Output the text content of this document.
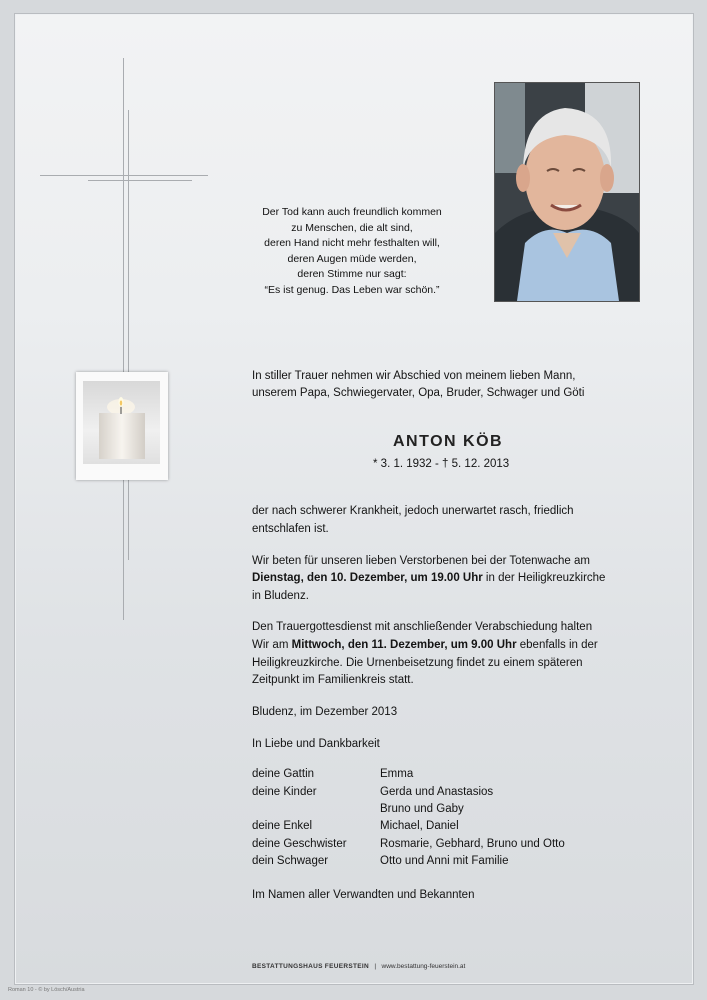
Der Tod kann auch freundlich kommen
zu Menschen, die alt sind,
deren Hand nicht mehr festhalten will,
deren Augen müde werden,
deren Stimme nur sagt:
“Es ist genug. Das Leben war schön.”
In stiller Trauer nehmen wir Abschied von meinem lieben Mann,
unserem Papa, Schwiegervater, Opa, Bruder, Schwager und Göti
ANTON KÖB
* 3. 1. 1932 - † 5. 12. 2013
der nach schwerer Krankheit, jedoch unerwartet rasch, friedlich
entschlafen ist.
Wir beten für unseren lieben Verstorbenen bei der Totenwache am
Dienstag, den 10. Dezember, um 19.00 Uhr in der Heiligkreuzkirche
in Bludenz.
Den Trauergottesdienst mit anschließender Verabschiedung halten
Wir am Mittwoch, den 11. Dezember, um 9.00 Uhr ebenfalls in der
Heiligkreuzkirche. Die Urnenbeisetzung findet zu einem späteren
Zeitpunkt im Familienkreis statt.
Bludenz, im Dezember 2013
In Liebe und Dankbarkeit
deine Gattin	Emma
deine Kinder	Gerda und Anastasios
Bruno und Gaby
deine Enkel	Michael, Daniel
deine Geschwister	Rosmarie, Gebhard, Bruno und Otto
dein Schwager	Otto und Anni mit Familie
Im Namen aller Verwandten und Bekannten
BESTATTUNGSHAUS FEUERSTEIN | www.bestattung-feuerstein.at
Roman 10 - © by Lösch/Austria
